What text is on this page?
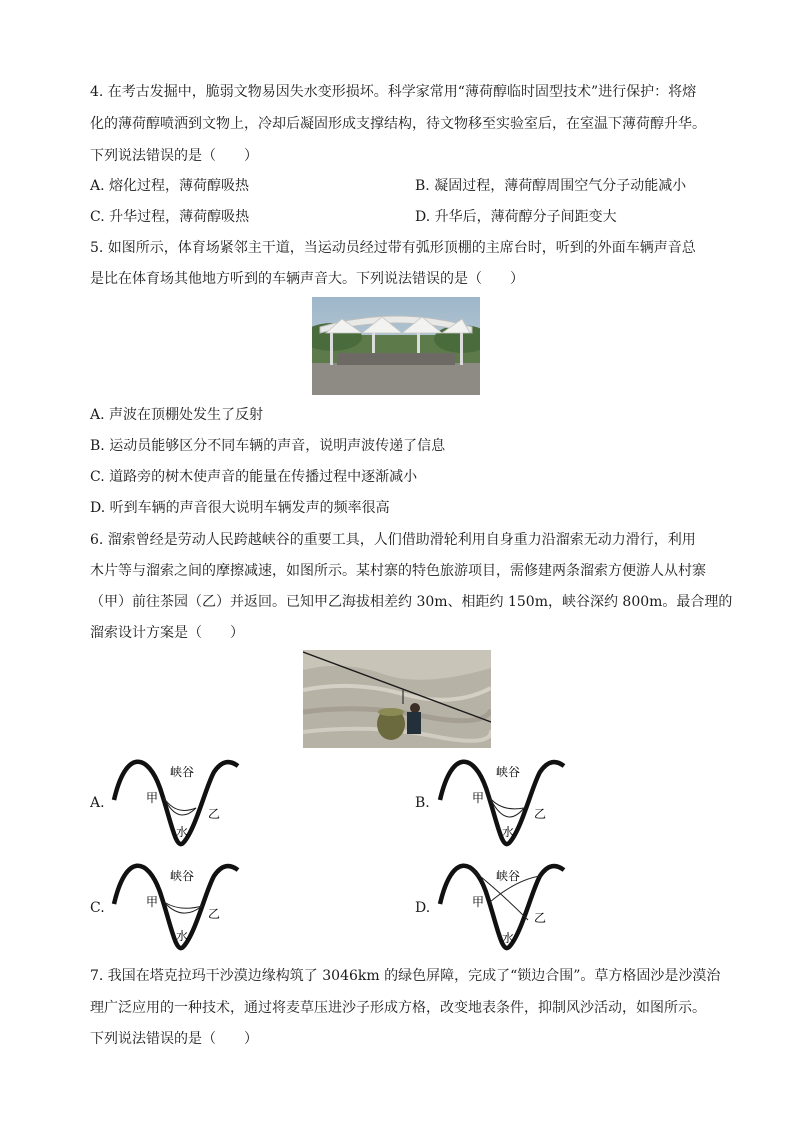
4. 在考古发掘中，脆弱文物易因失水变形损坏。科学家常用“薄荷醇临时固型技术”进行保护：将熔
化的薄荷醇喷洒到文物上，冷却后凝固形成支撑结构，待文物移至实验室后，在室温下薄荷醇升华。
下列说法错误的是（　　）
A. 熔化过程，薄荷醇吸热	B. 凝固过程，薄荷醇周围空气分子动能减小
C. 升华过程，薄荷醇吸热	D. 升华后，薄荷醇分子间距变大
5. 如图所示，体育场紧邻主干道，当运动员经过带有弧形顶棚的主席台时，听到的外面车辆声音总
是比在体育场其他地方听到的车辆声音大。下列说法错误的是（　　）
A. 声波在顶棚处发生了反射
B. 运动员能够区分不同车辆的声音，说明声波传递了信息
C. 道路旁的树木使声音的能量在传播过程中逐渐减小
D. 听到车辆的声音很大说明车辆发声的频率很高
6. 溜索曾经是劳动人民跨越峡谷的重要工具，人们借助滑轮利用自身重力沿溜索无动力滑行，利用
木片等与溜索之间的摩擦减速，如图所示。某村寨的特色旅游项目，需修建两条溜索方便游人从村寨
（甲）前往茶园（乙）并返回。已知甲乙海拔相差约 30m、相距约 150m，峡谷深约 800m。最合理的
溜索设计方案是（　　）
A.
峡谷
甲
乙
水
B.
峡谷
甲
乙
水
C.
峡谷
甲
乙
水
D.
峡谷
甲
乙
水
7. 我国在塔克拉玛干沙漠边缘构筑了 3046km 的绿色屏障，完成了“锁边合围”。草方格固沙是沙漠治
理广泛应用的一种技术，通过将麦草压进沙子形成方格，改变地表条件，抑制风沙活动，如图所示。
下列说法错误的是（　　）
